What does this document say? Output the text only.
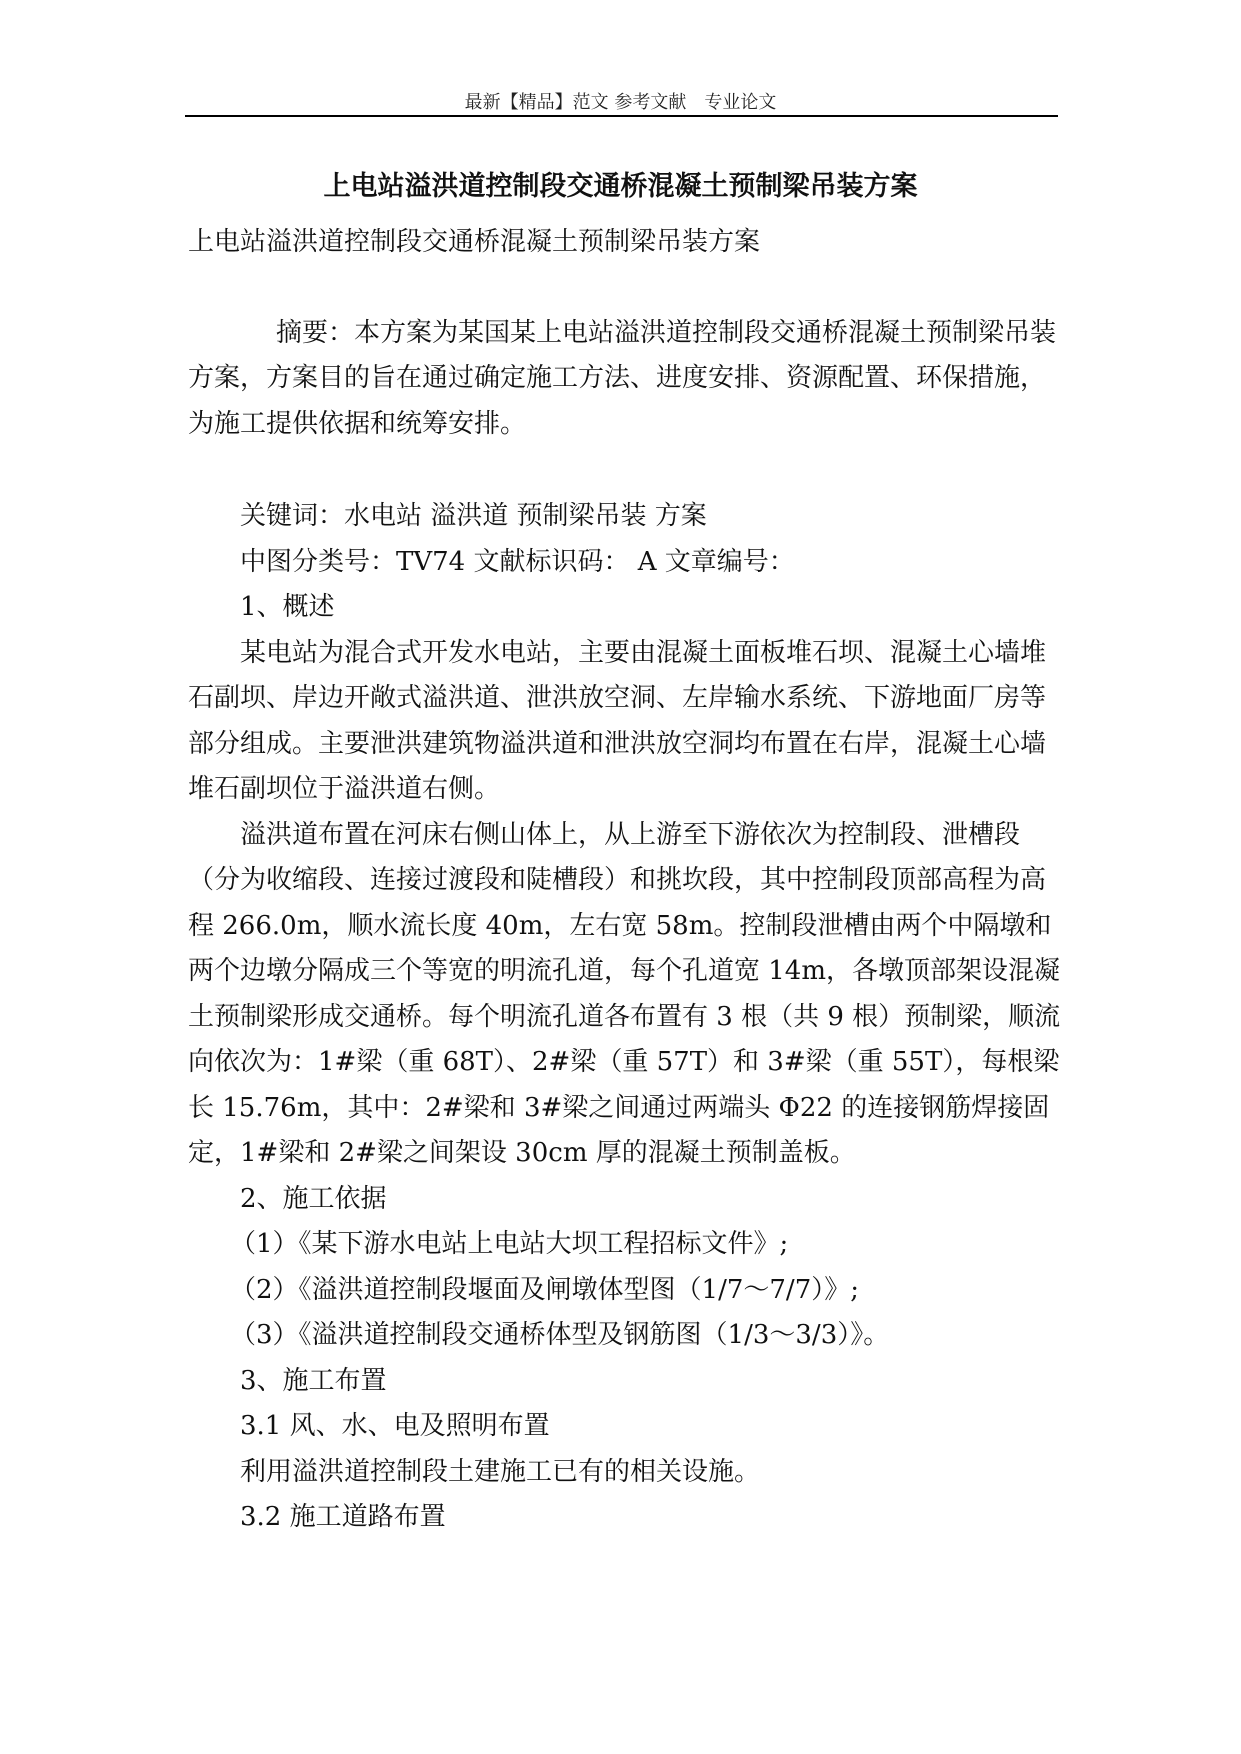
最新【精品】范文 参考文献　专业论文
上电站溢洪道控制段交通桥混凝土预制梁吊装方案

上电站溢洪道控制段交通桥混凝土预制梁吊装方案

摘要：本方案为某国某上电站溢洪道控制段交通桥混凝土预制梁吊装方案，方案目的旨在通过确定施工方法、进度安排、资源配置、环保措施，为施工提供依据和统筹安排。

关键词：水电站 溢洪道 预制梁吊装 方案

中图分类号：TV74 文献标识码： A 文章编号：

1、概述

某电站为混合式开发水电站，主要由混凝土面板堆石坝、混凝土心墙堆石副坝、岸边开敞式溢洪道、泄洪放空洞、左岸输水系统、下游地面厂房等部分组成。主要泄洪建筑物溢洪道和泄洪放空洞均布置在右岸，混凝土心墙堆石副坝位于溢洪道右侧。

溢洪道布置在河床右侧山体上，从上游至下游依次为控制段、泄槽段（分为收缩段、连接过渡段和陡槽段）和挑坎段，其中控制段顶部高程为高程 266.0m，顺水流长度 40m，左右宽 58m。控制段泄槽由两个中隔墩和两个边墩分隔成三个等宽的明流孔道，每个孔道宽 14m，各墩顶部架设混凝土预制梁形成交通桥。每个明流孔道各布置有 3 根（共 9 根）预制梁，顺流向依次为：1#梁（重 68T）、2#梁（重 57T）和 3#梁（重 55T），每根梁长 15.76m，其中：2#梁和 3#梁之间通过两端头 Φ22 的连接钢筋焊接固定，1#梁和 2#梁之间架设 30cm 厚的混凝土预制盖板。

2、施工依据

（1）《某下游水电站上电站大坝工程招标文件》;

（2）《溢洪道控制段堰面及闸墩体型图（1/7～7/7）》;

（3）《溢洪道控制段交通桥体型及钢筋图（1/3～3/3）》。

3、施工布置

3.1 风、水、电及照明布置

利用溢洪道控制段土建施工已有的相关设施。

3.2 施工道路布置
